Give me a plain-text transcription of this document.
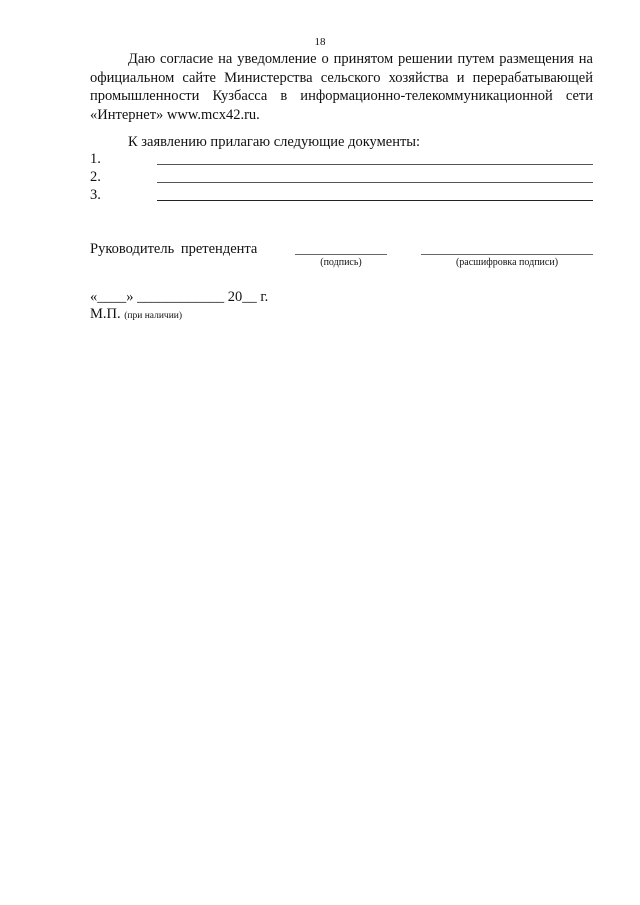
18

Даю согласие на уведомление о принятом решении путем размещения на официальном сайте Министерства сельского хозяйства и перерабатывающей промышленности Кузбасса в информационно-телекоммуникационной сети «Интернет» www.mcx42.ru.

К заявлению прилагаю следующие документы:
1.
2.
3.
Руководитель претендента
(подпись)	(расшифровка подписи)
«____» ____________ 20__ г.
М.П. (при наличии)
